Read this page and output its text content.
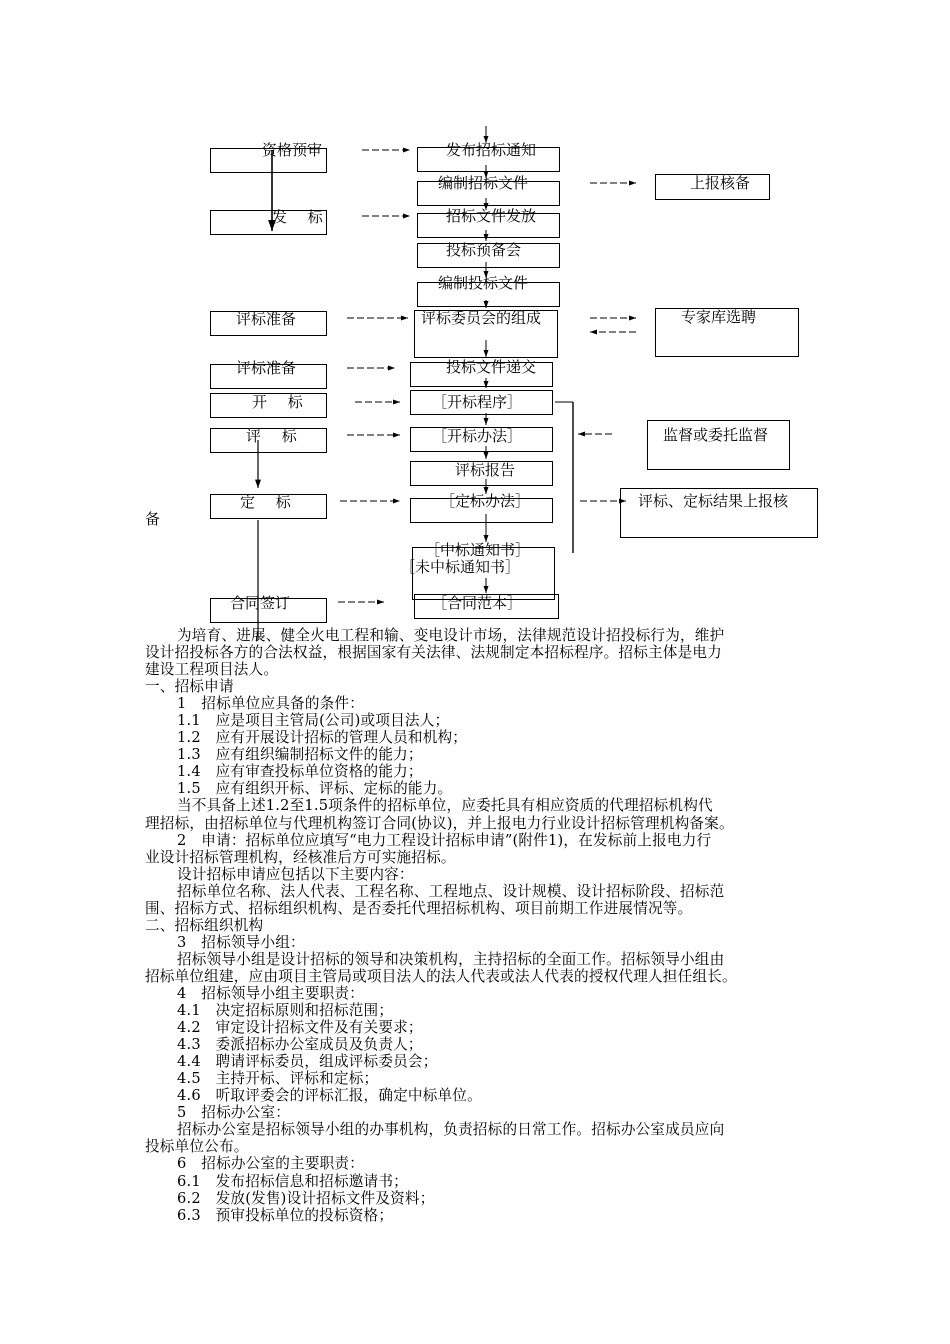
资格预审
发 标
评标准备
评标准备
开 标
评 标
定 标
合同签订
发布招标通知
编制招标文件
招标文件发放
投标预备会
编制投标文件
评标委员会的组成
投标文件递交
［开标程序］
［开标办法］
评标报告
［定标办法］
［中标通知书］
［未中标通知书］
［合同范本］
上报核备
专家库选聘
监督或委托监督
评标、定标结果上报核
备
为培育、进展、健全火电工程和输、变电设计市场，法律规范设计招投标行为，维护
设计招投标各方的合法权益，根据国家有关法律、法规制定本招标程序。招标主体是电力
建设工程项目法人。
一、招标申请
1　招标单位应具备的条件：
1.1　应是项目主管局(公司)或项目法人；
1.2　应有开展设计招标的管理人员和机构；
1.3　应有组织编制招标文件的能力；
1.4　应有审查投标单位资格的能力；
1.5　应有组织开标、评标、定标的能力。
当不具备上述1.2至1.5项条件的招标单位，应委托具有相应资质的代理招标机构代
理招标，由招标单位与代理机构签订合同(协议)，并上报电力行业设计招标管理机构备案。
2　申请：招标单位应填写“电力工程设计招标申请”(附件1)，在发标前上报电力行
业设计招标管理机构，经核准后方可实施招标。
设计招标申请应包括以下主要内容：
招标单位名称、法人代表、工程名称、工程地点、设计规模、设计招标阶段、招标范
围、招标方式、招标组织机构、是否委托代理招标机构、项目前期工作进展情况等。
二、招标组织机构
3　招标领导小组：
招标领导小组是设计招标的领导和决策机构，主持招标的全面工作。招标领导小组由
招标单位组建，应由项目主管局或项目法人的法人代表或法人代表的授权代理人担任组长。
4　招标领导小组主要职责：
4.1　决定招标原则和招标范围；
4.2　审定设计招标文件及有关要求；
4.3　委派招标办公室成员及负责人；
4.4　聘请评标委员，组成评标委员会；
4.5　主持开标、评标和定标；
4.6　听取评委会的评标汇报，确定中标单位。
5　招标办公室：
招标办公室是招标领导小组的办事机构，负责招标的日常工作。招标办公室成员应向
投标单位公布。
6　招标办公室的主要职责：
6.1　发布招标信息和招标邀请书；
6.2　发放(发售)设计招标文件及资料；
6.3　预审投标单位的投标资格；
